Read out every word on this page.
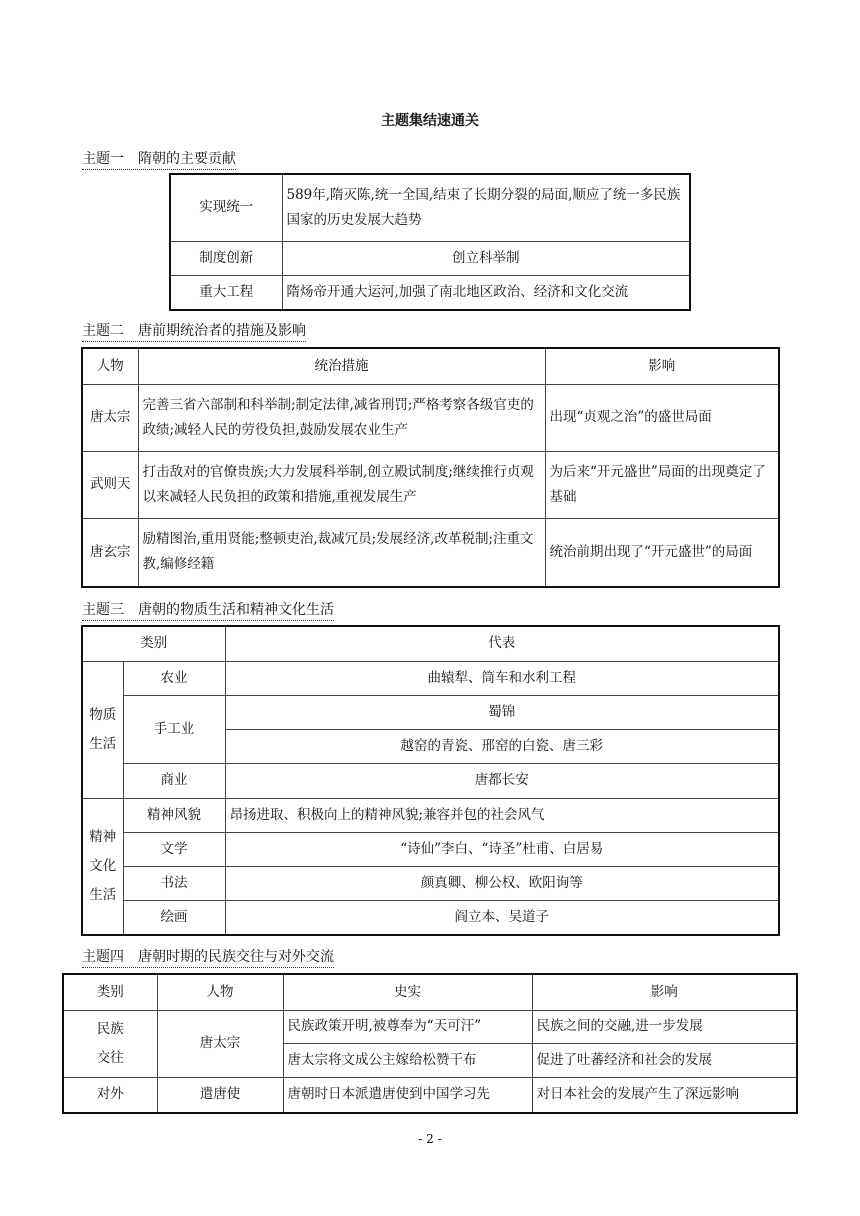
主题集结速通关
主题一　隋朝的主要贡献
实现统一	589年,隋灭陈,统一全国,结束了长期分裂的局面,顺应了统一多民族国家的历史发展大趋势
制度创新	创立科举制
重大工程	隋炀帝开通大运河,加强了南北地区政治、经济和文化交流
主题二　唐前期统治者的措施及影响
人物	统治措施	影响
唐太宗	完善三省六部制和科举制;制定法律,减省刑罚;严格考察各级官吏的政绩;减轻人民的劳役负担,鼓励发展农业生产	出现“贞观之治”的盛世局面
武则天	打击敌对的官僚贵族;大力发展科举制,创立殿试制度;继续推行贞观以来减轻人民负担的政策和措施,重视发展生产	为后来“开元盛世”局面的出现奠定了基础
唐玄宗	励精图治,重用贤能;整顿吏治,裁减冗员;发展经济,改革税制;注重文教,编修经籍	统治前期出现了“开元盛世”的局面
主题三　唐朝的物质生活和精神文化生活
类别		代表

物质生活	农业	曲辕犁、筒车和水利工程
	手工业	蜀锦
		越窑的青瓷、邢窑的白瓷、唐三彩
	商业	唐都长安

精神文化生活	精神风貌	昂扬进取、积极向上的精神风貌;兼容并包的社会风气
	文学	“诗仙”李白、“诗圣”杜甫、白居易
	书法	颜真卿、柳公权、欧阳询等
	绘画	阎立本、吴道子
主题四　唐朝时期的民族交往与对外交流
类别	人物	史实	影响

民族交往	唐太宗	民族政策开明,被尊奉为“天可汗”	民族之间的交融,进一步发展
		唐太宗将文成公主嫁给松赞干布	促进了吐蕃经济和社会的发展
对外	遣唐使	唐朝时日本派遣唐使到中国学习先	对日本社会的发展产生了深远影响
- 2 -
